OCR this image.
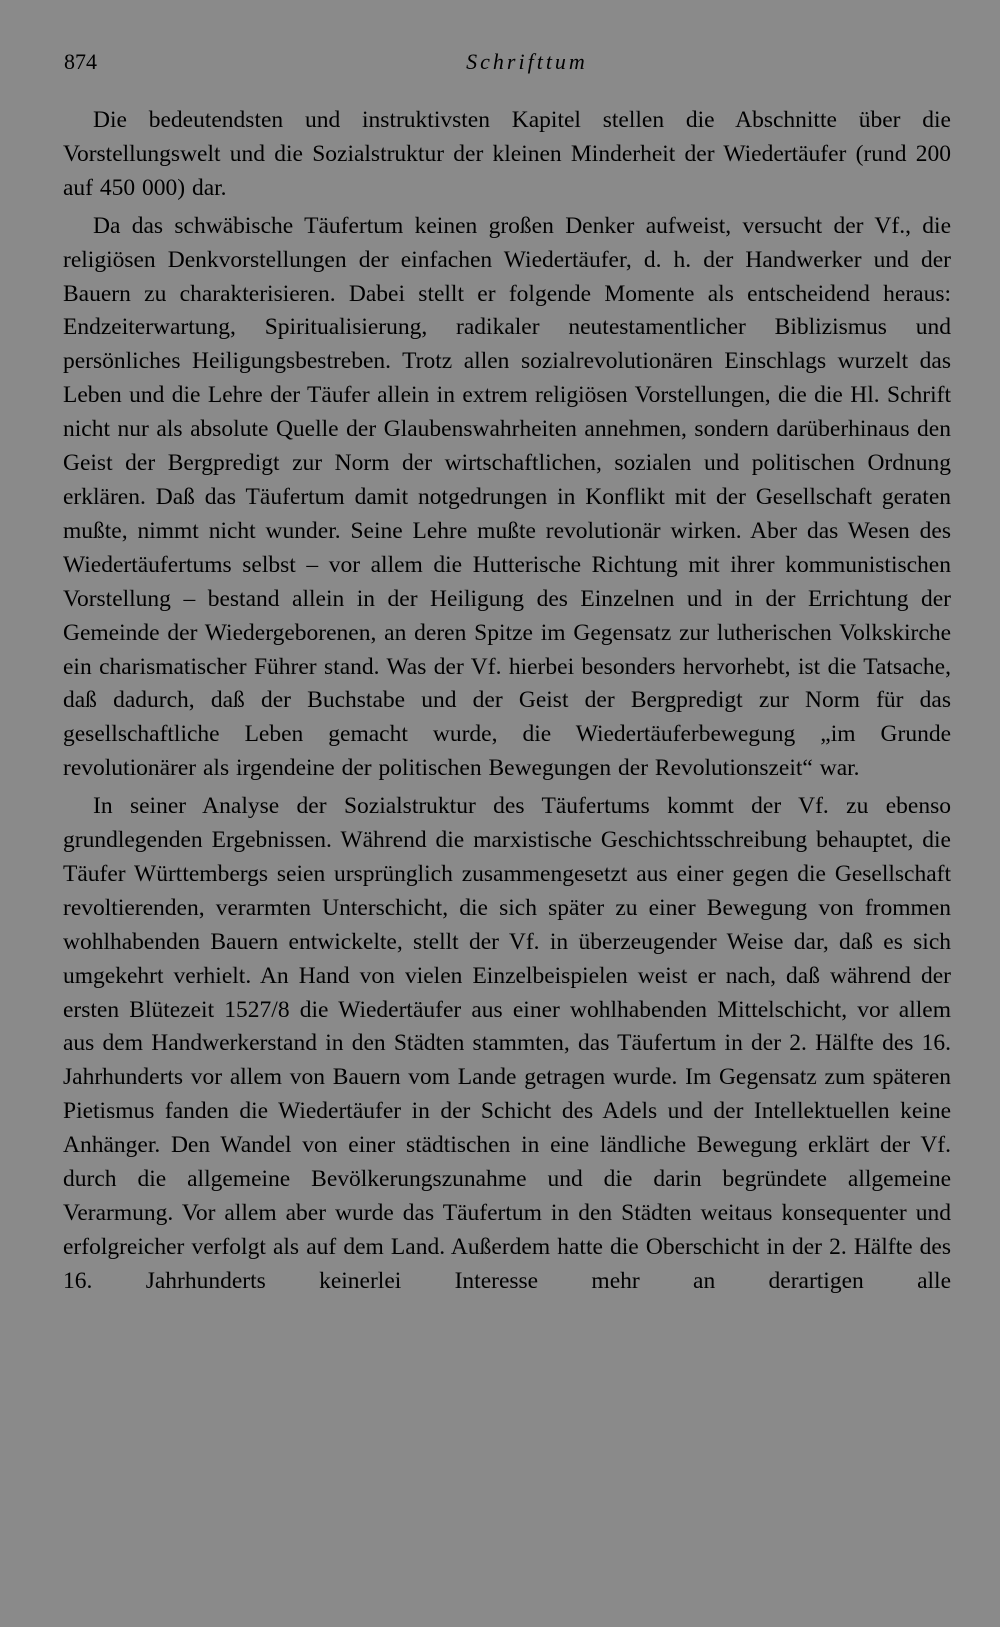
874	Schrifttum

Die bedeutendsten und instruktivsten Kapitel stellen die Abschnitte über die Vorstellungswelt und die Sozialstruktur der kleinen Minderheit der Wiedertäufer (rund 200 auf 450 000) dar.

Da das schwäbische Täufertum keinen großen Denker aufweist, versucht der Vf., die religiösen Denkvorstellungen der einfachen Wiedertäufer, d. h. der Handwerker und der Bauern zu charakterisieren. Dabei stellt er folgende Momente als entscheidend heraus: Endzeiterwartung, Spiritualisierung, radikaler neutestamentlicher Biblizismus und persönliches Heiligungsbestreben. Trotz allen sozialrevolutionären Einschlags wurzelt das Leben und die Lehre der Täufer allein in extrem religiösen Vorstellungen, die die Hl. Schrift nicht nur als absolute Quelle der Glaubenswahrheiten annehmen, sondern darüberhinaus den Geist der Bergpredigt zur Norm der wirtschaftlichen, sozialen und politischen Ordnung erklären. Daß das Täufertum damit notgedrungen in Konflikt mit der Gesellschaft geraten mußte, nimmt nicht wunder. Seine Lehre mußte revolutionär wirken. Aber das Wesen des Wiedertäufertums selbst – vor allem die Hutterische Richtung mit ihrer kommunistischen Vorstellung – bestand allein in der Heiligung des Einzelnen und in der Errichtung der Gemeinde der Wiedergeborenen, an deren Spitze im Gegensatz zur lutherischen Volkskirche ein charismatischer Führer stand. Was der Vf. hierbei besonders hervorhebt, ist die Tatsache, daß dadurch, daß der Buchstabe und der Geist der Bergpredigt zur Norm für das gesellschaftliche Leben gemacht wurde, die Wiedertäuferbewegung „im Grunde revolutionärer als irgendeine der politischen Bewegungen der Revolutionszeit“ war.

In seiner Analyse der Sozialstruktur des Täufertums kommt der Vf. zu ebenso grundlegenden Ergebnissen. Während die marxistische Geschichtsschreibung behauptet, die Täufer Württembergs seien ursprünglich zusammengesetzt aus einer gegen die Gesellschaft revoltierenden, verarmten Unterschicht, die sich später zu einer Bewegung von frommen wohlhabenden Bauern entwickelte, stellt der Vf. in überzeugender Weise dar, daß es sich umgekehrt verhielt. An Hand von vielen Einzelbeispielen weist er nach, daß während der ersten Blütezeit 1527/8 die Wiedertäufer aus einer wohlhabenden Mittelschicht, vor allem aus dem Handwerkerstand in den Städten stammten, das Täufertum in der 2. Hälfte des 16. Jahrhunderts vor allem von Bauern vom Lande getragen wurde. Im Gegensatz zum späteren Pietismus fanden die Wiedertäufer in der Schicht des Adels und der Intellektuellen keine Anhänger. Den Wandel von einer städtischen in eine ländliche Bewegung erklärt der Vf. durch die allgemeine Bevölkerungszunahme und die darin begründete allgemeine Verarmung. Vor allem aber wurde das Täufertum in den Städten weitaus konsequenter und erfolgreicher verfolgt als auf dem Land. Außerdem hatte die Oberschicht in der 2. Hälfte des 16. Jahrhunderts keinerlei Interesse mehr an derartigen alle
